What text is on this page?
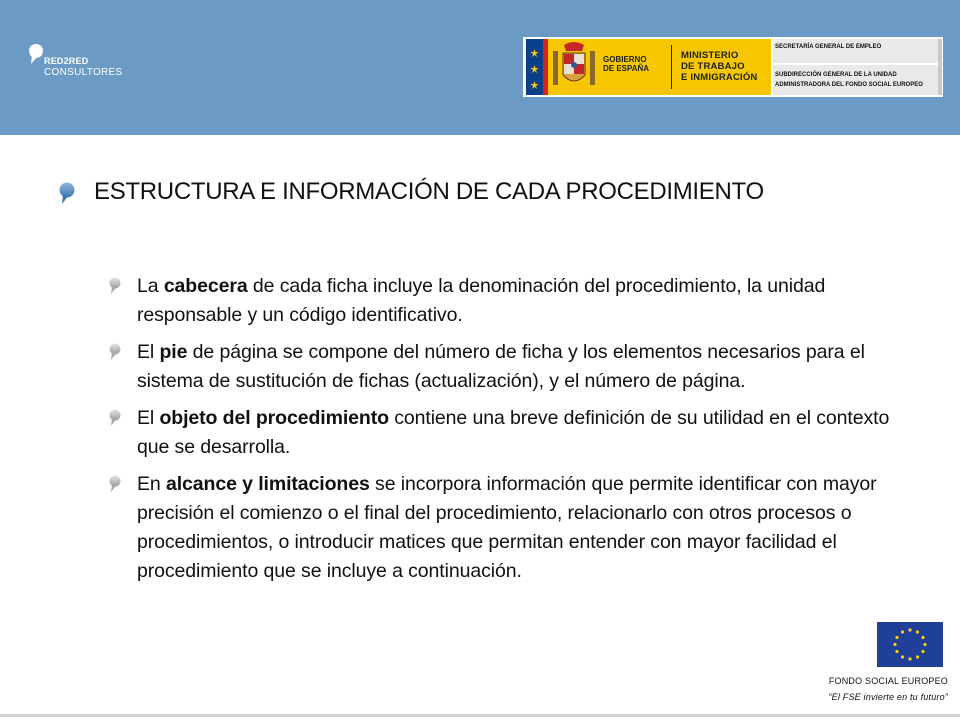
RED2RED
CONSULTORES
GOBIERNO
DE ESPAÑA
MINISTERIO
DE TRABAJO
E INMIGRACIÓN
SECRETARÍA GENERAL DE EMPLEO
SUBDIRECCIÓN GENERAL DE LA UNIDAD
ADMINISTRADORA DEL FONDO SOCIAL EUROPEO
ESTRUCTURA E INFORMACIÓN DE CADA PROCEDIMIENTO
La cabecera de cada ficha incluye la denominación del procedimiento, la unidad responsable y un código identificativo.
El pie de página se compone del número de ficha y los elementos necesarios para el sistema de sustitución de fichas (actualización), y el número de página.
El objeto del procedimiento contiene una breve definición de su utilidad en el contexto que se desarrolla.
En alcance y limitaciones se incorpora información que permite identificar con mayor precisión el comienzo o el final del procedimiento, relacionarlo con otros procesos o procedimientos, o introducir matices que permitan entender con mayor facilidad el procedimiento que se incluye a continuación.
FONDO SOCIAL EUROPEO
“El FSE invierte en tu futuro”
